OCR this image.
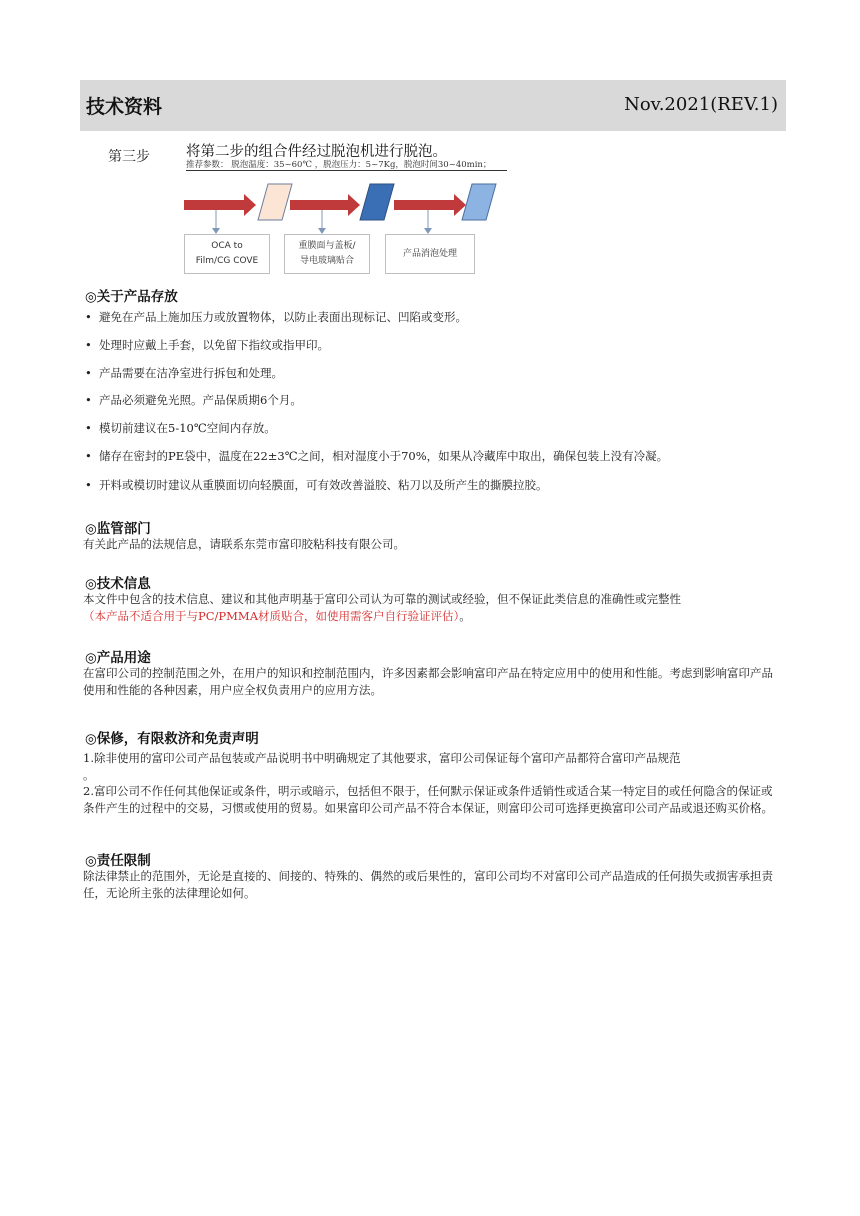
技术资料	Nov.2021(REV.1)
第三步 将第二步的组合件经过脱泡机进行脱泡。
推荐参数： 脱泡温度：35~60℃ ，脱泡压力：5~7Kg，脱泡时间30~40min；
OCA to
Film/CG COVE
重膜面与盖板/
导电玻璃贴合
产品消泡处理
◎关于产品存放
• 避免在产品上施加压力或放置物体，以防止表面出现标记、凹陷或变形。
• 处理时应戴上手套，以免留下指纹或指甲印。
• 产品需要在洁净室进行拆包和处理。
• 产品必须避免光照。产品保质期6个月。
• 模切前建议在5-10℃空间内存放。
• 储存在密封的PE袋中，温度在22±3℃之间，相对湿度小于70%，如果从冷藏库中取出，确保包装上没有冷凝。
• 开料或模切时建议从重膜面切向轻膜面，可有效改善溢胶、粘刀以及所产生的撕膜拉胶。
◎监管部门
有关此产品的法规信息，请联系东莞市富印胶粘科技有限公司。
◎技术信息
本文件中包含的技术信息、建议和其他声明基于富印公司认为可靠的测试或经验，但不保证此类信息的准确性或完整性
（本产品不适合用于与PC/PMMA材质贴合，如使用需客户自行验证评估）。
◎产品用途
在富印公司的控制范围之外，在用户的知识和控制范围内，许多因素都会影响富印产品在特定应用中的使用和性能。考虑到影响富印产品使用和性能的各种因素，用户应全权负责用户的应用方法。
◎保修，有限救济和免责声明
1.除非使用的富印公司产品包装或产品说明书中明确规定了其他要求，富印公司保证每个富印产品都符合富印产品规范
。
2.富印公司不作任何其他保证或条件，明示或暗示，包括但不限于，任何默示保证或条件适销性或适合某一特定目的或任何隐含的保证或条件产生的过程中的交易，习惯或使用的贸易。如果富印公司产品不符合本保证，则富印公司可选择更换富印公司产品或退还购买价格。
◎责任限制
除法律禁止的范围外，无论是直接的、间接的、特殊的、偶然的或后果性的，富印公司均不对富印公司产品造成的任何损失或损害承担责任，无论所主张的法律理论如何。
